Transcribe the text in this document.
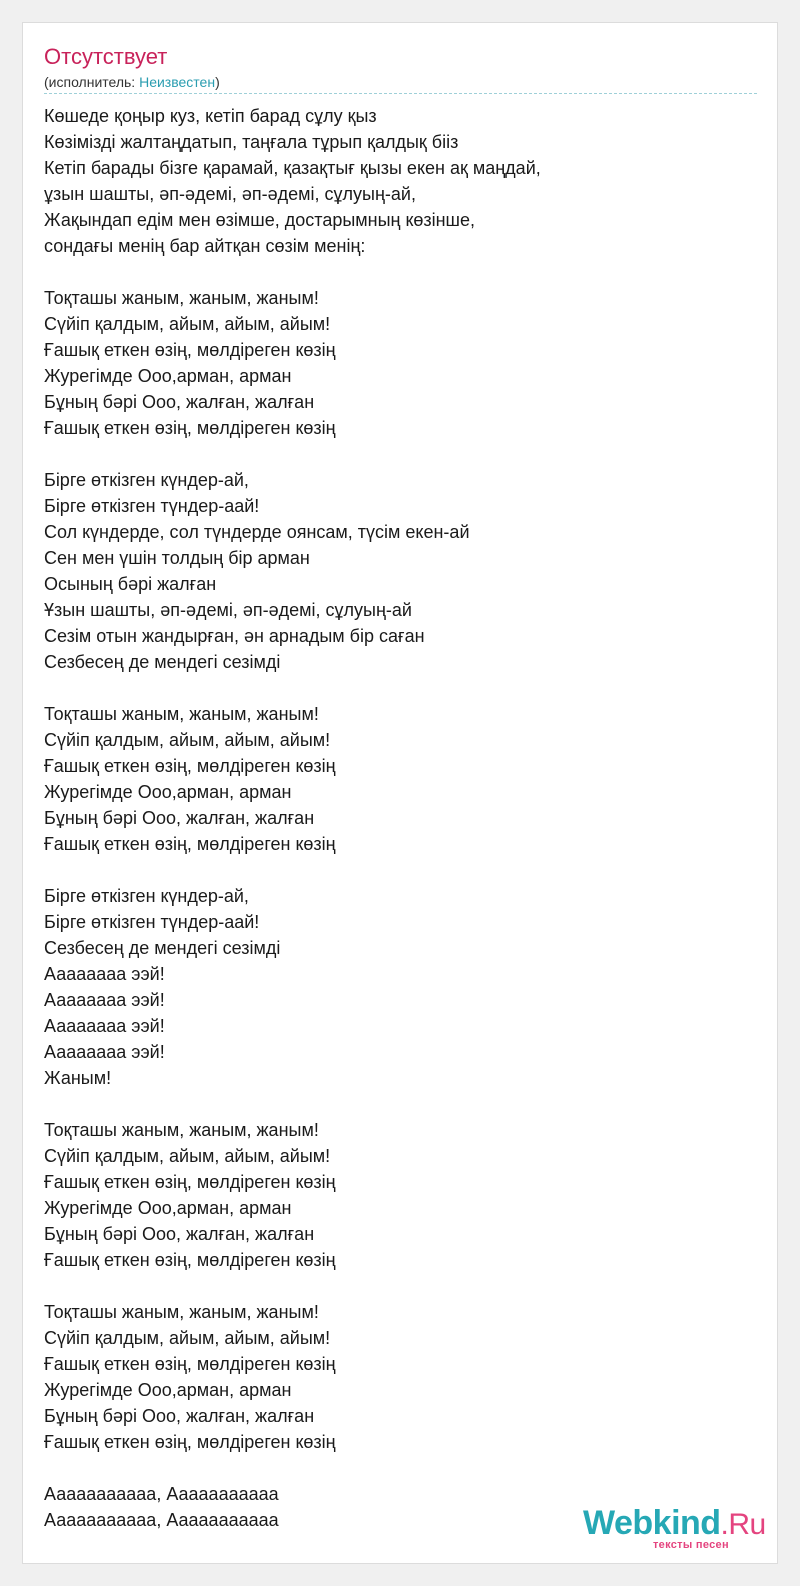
Отсутствует
(исполнитель: Неизвестен)
Көшеде қоңыр куз, кетіп барад сұлу қыз
Көзімізді жалтаңдатып, таңғала тұрып қалдық бііз
Кетіп барады бізге қарамай, қазақтығ қызы екен ақ маңдай,
ұзын шашты, әп-әдемі, әп-әдемі, сұлуың-ай,
Жақындап едім мен өзімше, достарымның көзінше,
сондағы менің бар айтқан сөзім менің:
Тоқташы жаным, жаным, жаным!
Сүйіп қалдым, айым, айым, айым!
Ғашық еткен өзің, мөлдіреген көзің
Журегімде Ооо,арман, арман
Бұның бәрі Ооо, жалған, жалған
Ғашық еткен өзің, мөлдіреген көзің
Бірге өткізген күндер-ай,
Бірге өткізген түндер-аай!
Сол күндерде, сол түндерде оянсам, түсім екен-ай
Сен мен үшін толдың бір арман
Осының бәрі жалған
Ұзын шашты, әп-әдемі, әп-әдемі, сұлуың-ай
Сезім отын жандырған, ән арнадым бір саған
Сезбесең де мендегі сезімді
Тоқташы жаным, жаным, жаным!
Сүйіп қалдым, айым, айым, айым!
Ғашық еткен өзің, мөлдіреген көзің
Журегімде Ооо,арман, арман
Бұның бәрі Ооо, жалған, жалған
Ғашық еткен өзің, мөлдіреген көзің
Бірге өткізген күндер-ай,
Бірге өткізген түндер-аай!
Сезбесең де мендегі сезімді
Аааааааа ээй!
Аааааааа ээй!
Аааааааа ээй!
Аааааааа ээй!
Жаным!
Тоқташы жаным, жаным, жаным!
Сүйіп қалдым, айым, айым, айым!
Ғашық еткен өзің, мөлдіреген көзің
Журегімде Ооо,арман, арман
Бұның бәрі Ооо, жалған, жалған
Ғашық еткен өзің, мөлдіреген көзің
Тоқташы жаным, жаным, жаным!
Сүйіп қалдым, айым, айым, айым!
Ғашық еткен өзің, мөлдіреген көзің
Журегімде Ооо,арман, арман
Бұның бәрі Ооо, жалған, жалған
Ғашық еткен өзің, мөлдіреген көзің
Ааааааааааа, Ааааааааааа
Ааааааааааа, Ааааааааааа	Webkind.Ru
тексты песен
